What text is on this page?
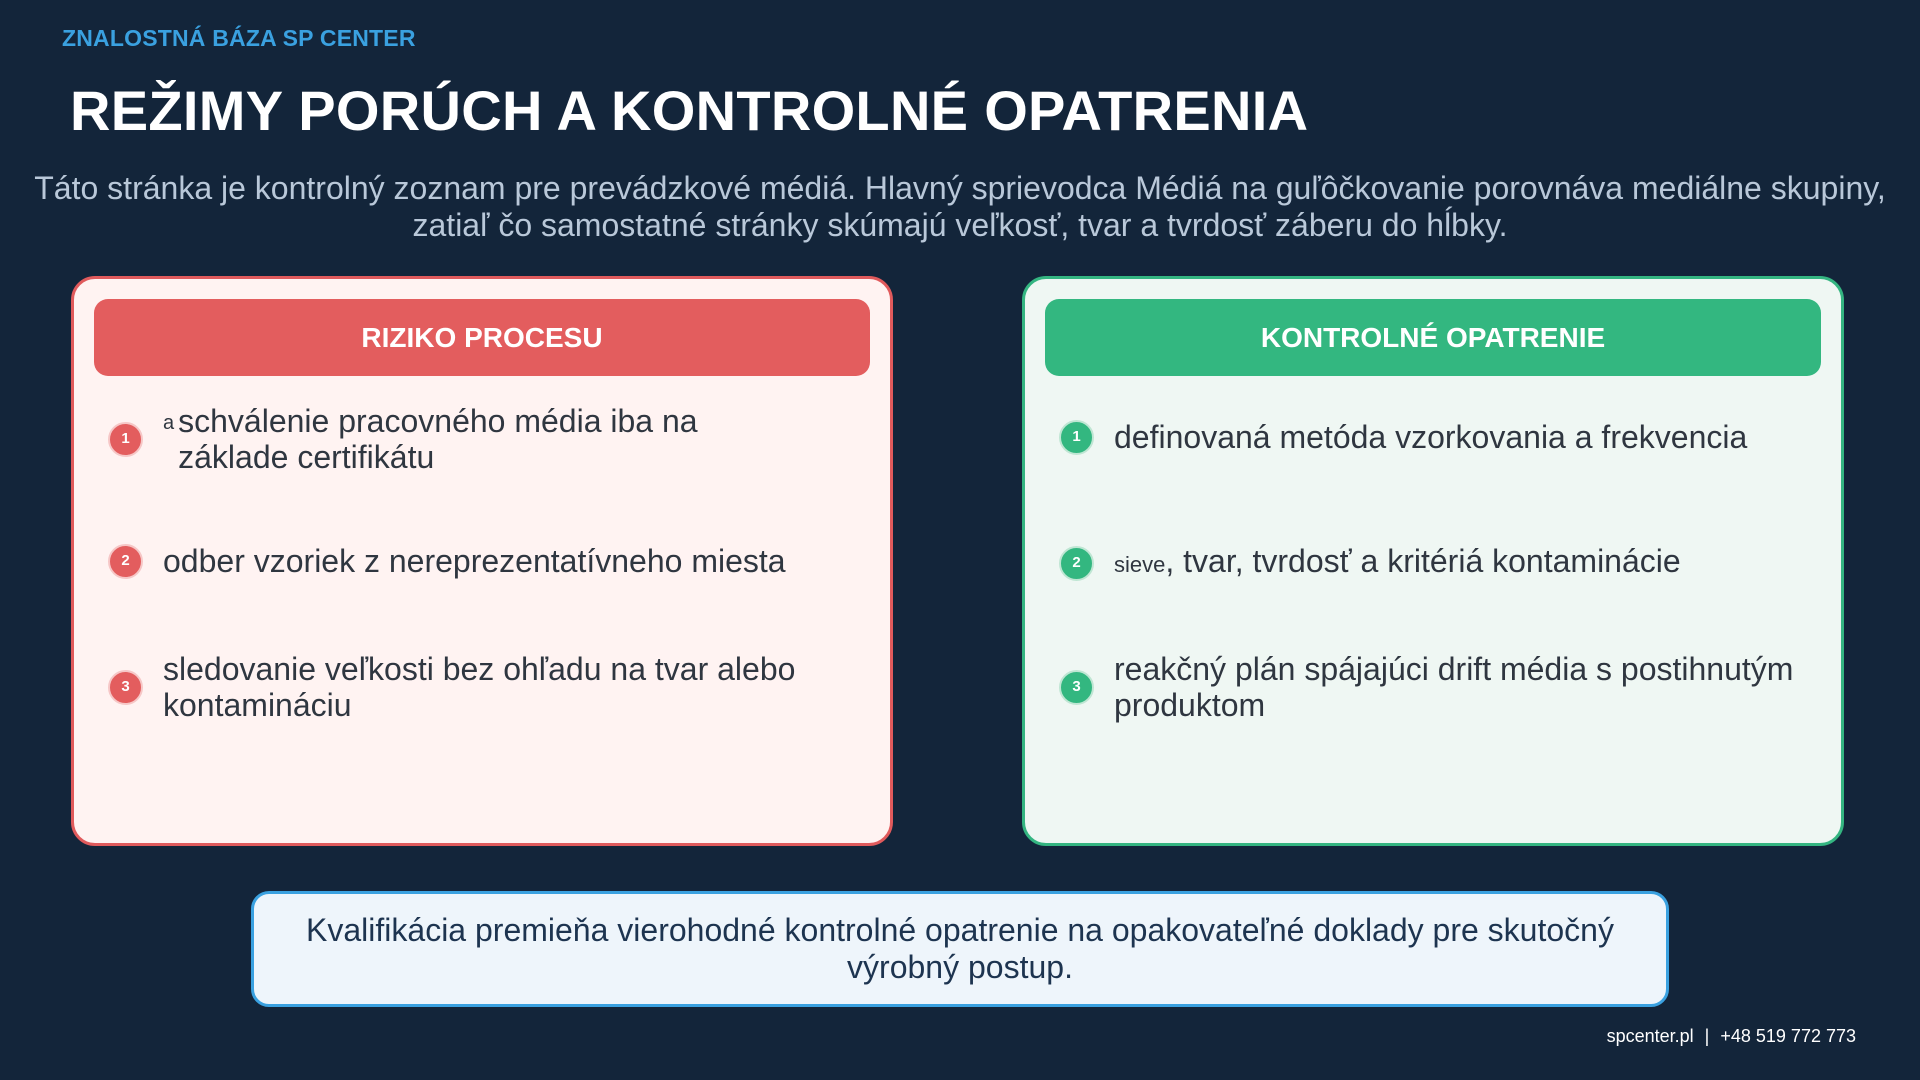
ZNALOSTNÁ BÁZA SP CENTER
REŽIMY PORÚCH A KONTROLNÉ OPATRENIA
Táto stránka je kontrolný zoznam pre prevádzkové médiá. Hlavný sprievodca Médiá na guľôčkovanie porovnáva mediálne skupiny, zatiaľ čo samostatné stránky skúmajú veľkosť, tvar a tvrdosť záberu do hĺbky.
RIZIKO PROCESU
1
a schválenie pracovného média iba na základe certifikátu
2	odber vzoriek z nereprezentatívneho miesta
3	sledovanie veľkosti bez ohľadu na tvar alebo kontamináciu
KONTROLNÉ OPATRENIE
1	definovaná metóda vzorkovania a frekvencia
2	sieve, tvar, tvrdosť a kritériá kontaminácie
3	reakčný plán spájajúci drift média s postihnutým produktom
Kvalifikácia premieňa vierohodné kontrolné opatrenie na opakovateľné doklady pre skutočný výrobný postup.
spcenter.pl | +48 519 772 773
